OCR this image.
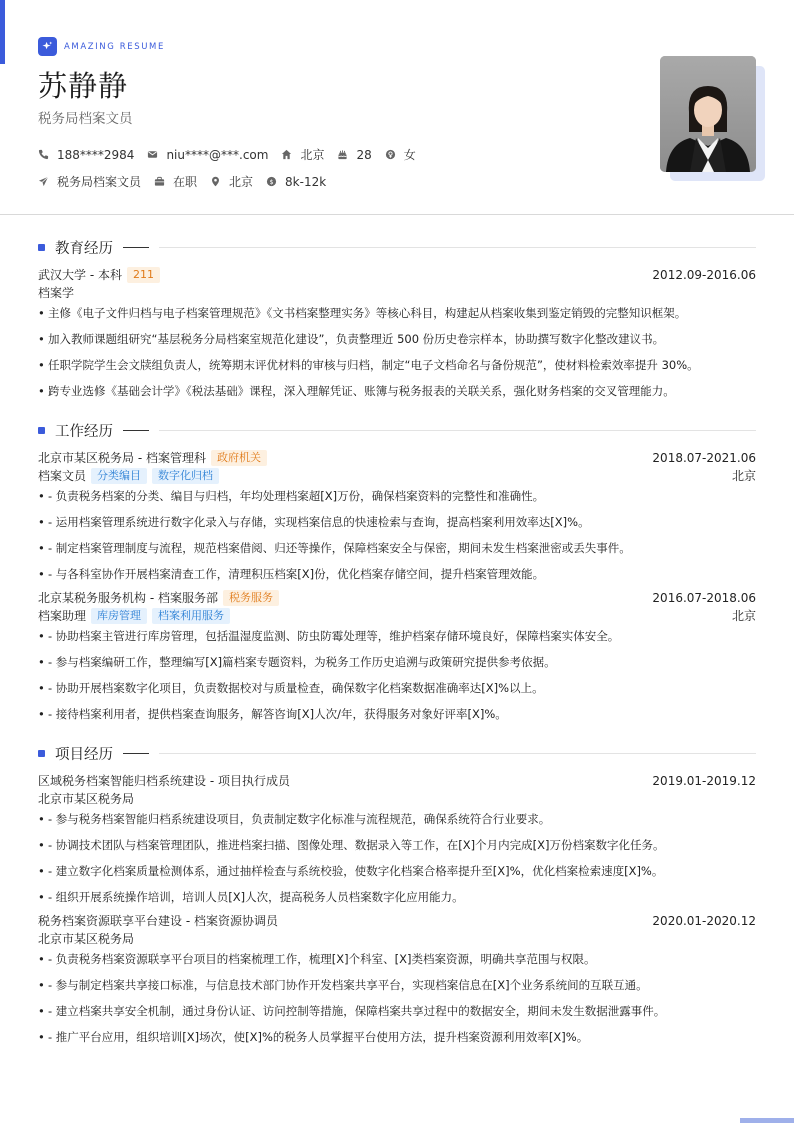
AMAZING RESUME
苏静静
税务局档案文员
188****2984	niu****@***.com	北京	28	女
税务局档案文员	在职	北京 $ 8k-12k
教育经历
武汉大学 - 本科	211	2012.09-2016.06
档案学
• 主修《电子文件归档与电子档案管理规范》《文书档案整理实务》等核心科目，构建起从档案收集到鉴定销毁的完整知识框架。
• 加入教师课题组研究“基层税务分局档案室规范化建设”，负责整理近 500 份历史卷宗样本，协助撰写数字化整改建议书。
• 任职学院学生会文牍组负责人，统筹期末评优材料的审核与归档，制定“电子文档命名与备份规范”，使材料检索效率提升 30%。
• 跨专业选修《基础会计学》《税法基础》课程，深入理解凭证、账簿与税务报表的关联关系，强化财务档案的交叉管理能力。
工作经历
北京市某区税务局 - 档案管理科	政府机关	2018.07-2021.06
档案文员	分类编目	数字化归档	北京
• - 负责税务档案的分类、编目与归档，年均处理档案超[X]万份，确保档案资料的完整性和准确性。
• - 运用档案管理系统进行数字化录入与存储，实现档案信息的快速检索与查询，提高档案利用效率达[X]%。
• - 制定档案管理制度与流程，规范档案借阅、归还等操作，保障档案安全与保密，期间未发生档案泄密或丢失事件。
• - 与各科室协作开展档案清查工作，清理积压档案[X]份，优化档案存储空间，提升档案管理效能。
北京某税务服务机构 - 档案服务部	税务服务	2016.07-2018.06
档案助理	库房管理	档案利用服务	北京
• - 协助档案主管进行库房管理，包括温湿度监测、防虫防霉处理等，维护档案存储环境良好，保障档案实体安全。
• - 参与档案编研工作，整理编写[X]篇档案专题资料，为税务工作历史追溯与政策研究提供参考依据。
• - 协助开展档案数字化项目，负责数据校对与质量检查，确保数字化档案数据准确率达[X]%以上。
• - 接待档案利用者，提供档案查询服务，解答咨询[X]人次/年，获得服务对象好评率[X]%。
项目经历
区域税务档案智能归档系统建设 - 项目执行成员	2019.01-2019.12
北京市某区税务局
• - 参与税务档案智能归档系统建设项目，负责制定数字化标准与流程规范，确保系统符合行业要求。
• - 协调技术团队与档案管理团队，推进档案扫描、图像处理、数据录入等工作，在[X]个月内完成[X]万份档案数字化任务。
• - 建立数字化档案质量检测体系，通过抽样检查与系统校验，使数字化档案合格率提升至[X]%，优化档案检索速度[X]%。
• - 组织开展系统操作培训，培训人员[X]人次，提高税务人员档案数字化应用能力。
税务档案资源联享平台建设 - 档案资源协调员	2020.01-2020.12
北京市某区税务局
• - 负责税务档案资源联享平台项目的档案梳理工作，梳理[X]个科室、[X]类档案资源，明确共享范围与权限。
• - 参与制定档案共享接口标准，与信息技术部门协作开发档案共享平台，实现档案信息在[X]个业务系统间的互联互通。
• - 建立档案共享安全机制，通过身份认证、访问控制等措施，保障档案共享过程中的数据安全，期间未发生数据泄露事件。
• - 推广平台应用，组织培训[X]场次，使[X]%的税务人员掌握平台使用方法，提升档案资源利用效率[X]%。
